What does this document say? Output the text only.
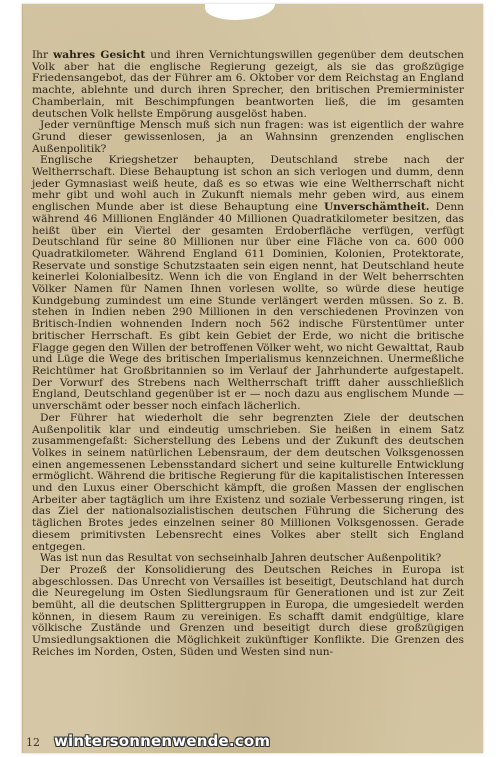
Ihr wahres Gesicht und ihren Vernichtungswillen gegenüber dem deutschen Volk aber hat die englische Regierung gezeigt, als sie das großzügige Friedensangebot, das der Führer am 6. Oktober vor dem Reichstag an England machte, ablehnte und durch ihren Sprecher, den britischen Premierminister Chamberlain, mit Beschimpfungen beantworten ließ, die im gesamten deutschen Volk hellste Empörung ausgelöst haben.

Jeder vernünftige Mensch muß sich nun fragen: was ist eigentlich der wahre Grund dieser gewissenlosen, ja an Wahnsinn grenzenden englischen Außenpolitik?

Englische Kriegshetzer behaupten, Deutschland strebe nach der Weltherrschaft. Diese Behauptung ist schon an sich verlogen und dumm, denn jeder Gymnasiast weiß heute, daß es so etwas wie eine Weltherrschaft nicht mehr gibt und wohl auch in Zukunft niemals mehr geben wird, aus einem englischen Munde aber ist diese Behauptung eine Unverschämtheit. Denn während 46 Millionen Engländer 40 Millionen Quadratkilometer besitzen, das heißt über ein Viertel der gesamten Erdoberfläche verfügen, verfügt Deutschland für seine 80 Millionen nur über eine Fläche von ca. 600 000 Quadratkilometer. Während England 611 Dominien, Kolonien, Protektorate, Reservate und sonstige Schutzstaaten sein eigen nennt, hat Deutschland heute keinerlei Kolonialbesitz. Wenn ich die von England in der Welt beherrschten Völker Namen für Namen Ihnen vorlesen wollte, so würde diese heutige Kundgebung zumindest um eine Stunde verlängert werden müssen. So z. B. stehen in Indien neben 290 Millionen in den verschiedenen Provinzen von Britisch-Indien wohnenden Indern noch 562 indische Fürstentümer unter britischer Herrschaft. Es gibt kein Gebiet der Erde, wo nicht die britische Flagge gegen den Willen der betroffenen Völker weht, wo nicht Gewalttat, Raub und Lüge die Wege des britischen Imperialismus kennzeichnen. Unermeßliche Reichtümer hat Großbritannien so im Verlauf der Jahrhunderte aufgestapelt. Der Vorwurf des Strebens nach Weltherrschaft trifft daher ausschließlich England, Deutschland gegenüber ist er — noch dazu aus englischem Munde — unverschämt oder besser noch einfach lächerlich.

Der Führer hat wiederholt die sehr begrenzten Ziele der deutschen Außenpolitik klar und eindeutig umschrieben. Sie heißen in einem Satz zusammengefaßt: Sicherstellung des Lebens und der Zukunft des deutschen Volkes in seinem natürlichen Lebensraum, der dem deutschen Volksgenossen einen angemessenen Lebensstandard sichert und seine kulturelle Entwicklung ermöglicht. Während die britische Regierung für die kapitalistischen Interessen und den Luxus einer Oberschicht kämpft, die großen Massen der englischen Arbeiter aber tagtäglich um ihre Existenz und soziale Verbesserung ringen, ist das Ziel der nationalsozialistischen deutschen Führung die Sicherung des täglichen Brotes jedes einzelnen seiner 80 Millionen Volksgenossen. Gerade diesem primitivsten Lebensrecht eines Volkes aber stellt sich England entgegen.

Was ist nun das Resultat von sechseinhalb Jahren deutscher Außenpolitik?

Der Prozeß der Konsolidierung des Deutschen Reiches in Europa ist abgeschlossen. Das Unrecht von Versailles ist beseitigt, Deutschland hat durch die Neuregelung im Osten Siedlungsraum für Generationen und ist zur Zeit bemüht, all die deutschen Splittergruppen in Europa, die umgesiedelt werden können, in diesem Raum zu vereinigen. Es schafft damit endgültige, klare völkische Zustände und Grenzen und beseitigt durch diese großzügigen Umsiedlungsaktionen die Möglichkeit zukünftiger Konflikte. Die Grenzen des Reiches im Norden, Osten, Süden und Westen sind nun-

12 wintersonnenwende.com
